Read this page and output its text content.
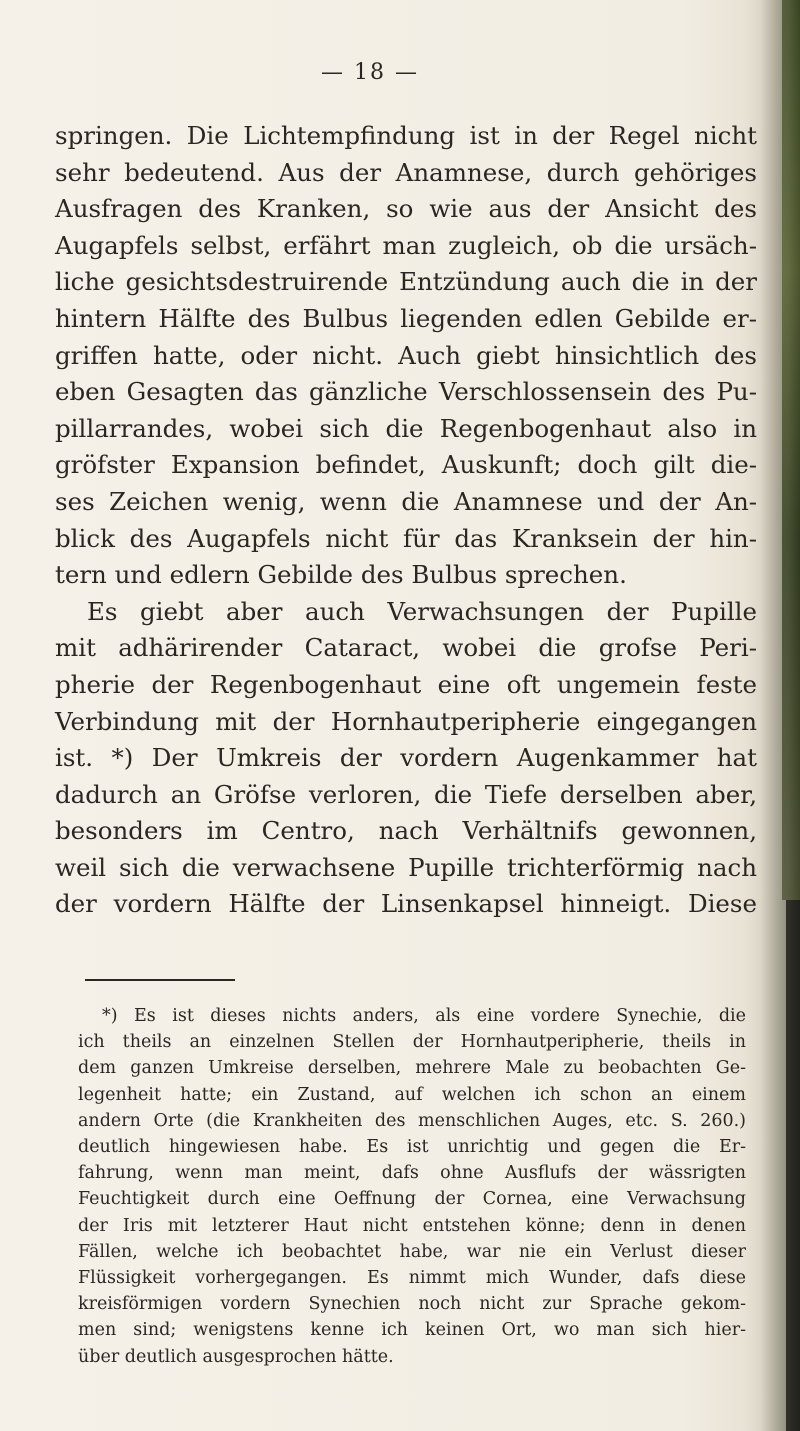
— 18 —
springen. Die Lichtempfindung ist in der Regel nicht
sehr bedeutend. Aus der Anamnese, durch gehöriges
Ausfragen des Kranken, so wie aus der Ansicht des
Augapfels selbst, erfährt man zugleich, ob die ursäch-
liche gesichtsdestruirende Entzündung auch die in der
hintern Hälfte des Bulbus liegenden edlen Gebilde er-
griffen hatte, oder nicht. Auch giebt hinsichtlich des
eben Gesagten das gänzliche Verschlossensein des Pu-
pillarrandes, wobei sich die Regenbogenhaut also in
gröfster Expansion befindet, Auskunft; doch gilt die-
ses Zeichen wenig, wenn die Anamnese und der An-
blick des Augapfels nicht für das Kranksein der hin-
tern und edlern Gebilde des Bulbus sprechen.
Es giebt aber auch Verwachsungen der Pupille
mit adhärirender Cataract, wobei die grofse Peri-
pherie der Regenbogenhaut eine oft ungemein feste
Verbindung mit der Hornhautperipherie eingegangen
ist. *) Der Umkreis der vordern Augenkammer hat
dadurch an Gröfse verloren, die Tiefe derselben aber,
besonders im Centro, nach Verhältnifs gewonnen,
weil sich die verwachsene Pupille trichterförmig nach
der vordern Hälfte der Linsenkapsel hinneigt. Diese
*) Es ist dieses nichts anders, als eine vordere Synechie, die
ich theils an einzelnen Stellen der Hornhautperipherie, theils in
dem ganzen Umkreise derselben, mehrere Male zu beobachten Ge-
legenheit hatte; ein Zustand, auf welchen ich schon an einem
andern Orte (die Krankheiten des menschlichen Auges, etc. S. 260.)
deutlich hingewiesen habe. Es ist unrichtig und gegen die Er-
fahrung, wenn man meint, dafs ohne Ausflufs der wässrigten
Feuchtigkeit durch eine Oeffnung der Cornea, eine Verwachsung
der Iris mit letzterer Haut nicht entstehen könne; denn in denen
Fällen, welche ich beobachtet habe, war nie ein Verlust dieser
Flüssigkeit vorhergegangen. Es nimmt mich Wunder, dafs diese
kreisförmigen vordern Synechien noch nicht zur Sprache gekom-
men sind; wenigstens kenne ich keinen Ort, wo man sich hier-
über deutlich ausgesprochen hätte.
